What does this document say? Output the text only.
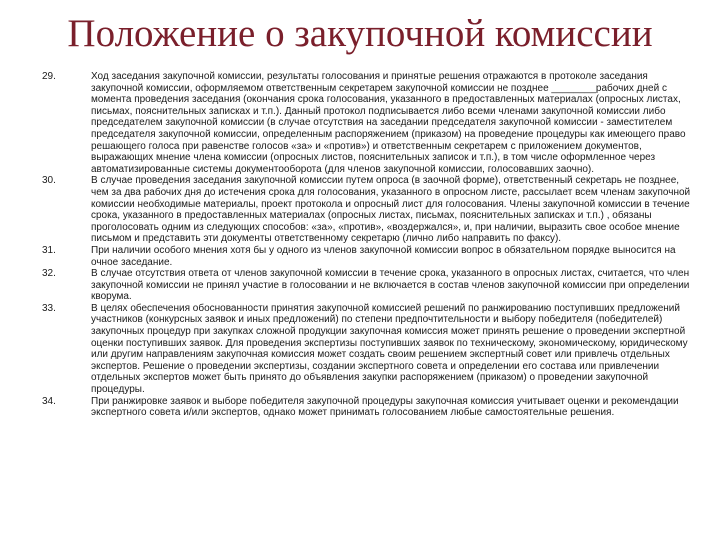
Положение о закупочной комиссии
29.	Ход заседания закупочной комиссии, результаты голосования и принятые решения отражаются в протоколе заседания закупочной комиссии, оформляемом ответственным секретарем закупочной комиссии не позднее ________рабочих дней с момента проведения заседания (окончания срока голосования, указанного в предоставленных материалах (опросных листах, письмах, пояснительных записках и т.п.). Данный протокол подписывается либо всеми членами закупочной комиссии либо председателем закупочной комиссии (в случае отсутствия на заседании председателя закупочной комиссии - заместителем председателя закупочной комиссии, определенным распоряжением (приказом) на проведение процедуры как имеющего право решающего голоса при равенстве голосов «за» и «против») и ответственным секретарем с приложением документов, выражающих мнение члена комиссии (опросных листов, пояснительных записок и т.п.), в том числе оформленное через автоматизированные системы документооборота (для членов закупочной комиссии, голосовавших заочно).
30.	В случае проведения заседания закупочной комиссии путем опроса (в заочной форме), ответственный секретарь не позднее, чем за два рабочих дня до истечения срока для голосования, указанного в опросном листе, рассылает всем членам закупочной комиссии необходимые материалы, проект протокола и опросный лист для голосования. Члены закупочной комиссии в течение срока, указанного в предоставленных материалах (опросных листах, письмах, пояснительных записках и т.п.) , обязаны проголосовать одним из следующих способов: «за», «против», «воздержался», и, при наличии, выразить свое особое мнение письмом и представить эти документы ответственному секретарю (лично либо направить по факсу).
31.	При наличии особого мнения хотя бы у одного из членов закупочной комиссии вопрос в обязательном порядке выносится на очное заседание.
32.	В случае отсутствия ответа от членов закупочной комиссии в течение срока, указанного в опросных листах, считается, что член закупочной комиссии не принял участие в голосовании и не включается в состав членов закупочной комиссии при определении кворума.
33.	В целях обеспечения обоснованности принятия закупочной комиссией решений по ранжированию поступивших предложений участников (конкурсных заявок и иных предложений) по степени предпочтительности и выбору победителя (победителей) закупочных процедур при закупках сложной продукции закупочная комиссия может принять решение о проведении экспертной оценки поступивших заявок. Для проведения экспертизы поступивших заявок по техническому, экономическому, юридическому или другим направлениям закупочная комиссия может создать своим решением экспертный совет или привлечь отдельных экспертов. Решение о проведении экспертизы, создании экспертного совета и определении его состава или привлечении отдельных экспертов может быть принято до объявления закупки распоряжением (приказом) о проведении закупочной процедуры.
34.	При ранжировке заявок и выборе победителя закупочной процедуры закупочная комиссия учитывает оценки и рекомендации экспертного совета и/или экспертов, однако может принимать голосованием любые самостоятельные решения.
